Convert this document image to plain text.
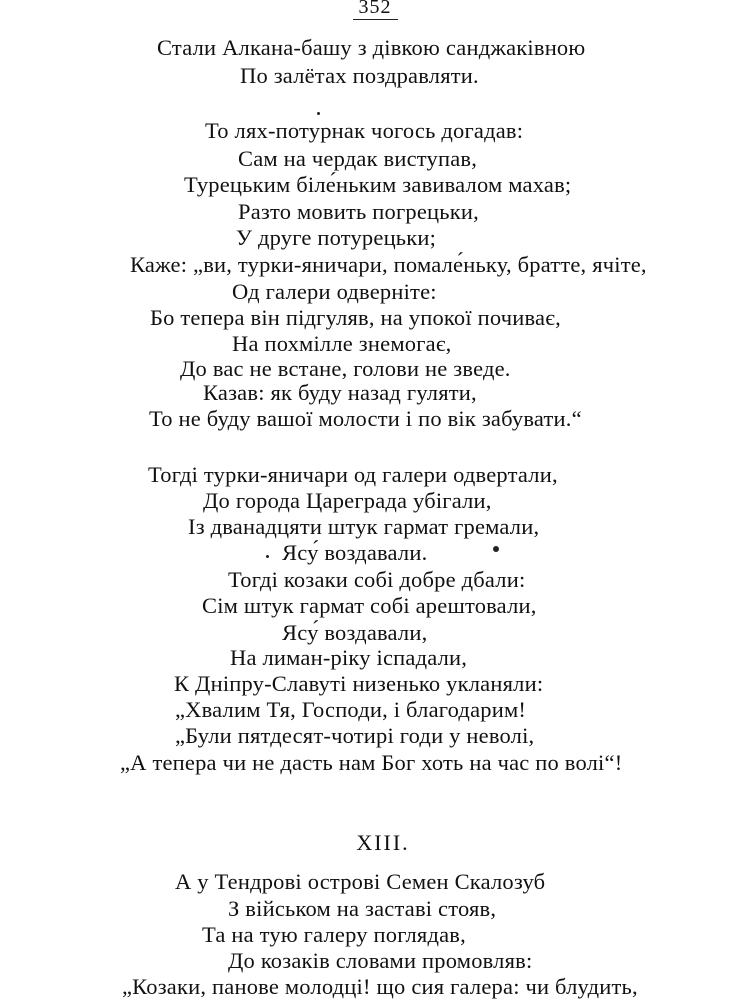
352
Стали Алкана-башу з дівкою санджаківною
По залётах поздравляти.
То лях-потурнак чогось догадав:
Сам на чердак виступав,
Турецьким біле́ньким завивалом махав;
Разто мовить погрецьки,
У друге потурецьки;
Каже: „ви, турки-яничари, помале́ньку, братте, ячіте,
Од галери одверніте:
Бо тепера він підгуляв, на упокої почиває,
На похмілле знемогає,
До вас не встане, голови не зведе.
Казав: як буду назад гуляти,
То не буду вашої молости і по вік забувати.“
Тогді турки-яничари од галери одвертали,
До города Цареграда убігали,
Із дванадцяти штук гармат гремали,
Ясу́ воздавали.
Тогді козаки собі добре дбали:
Сім штук гармат собі арештовали,
Ясу́ воздавали,
На лиман-ріку іспадали,
К Дніпру-Славуті низенько укланяли:
„Хвалим Тя, Господи, і благодарим!
„Були пятдесят-чотирі годи у неволі,
„А тепера чи не дасть нам Бог хоть на час по волі“!
XIII.
А у Тендрові острові Семен Скалозуб
З військом на заставі стояв,
Та на тую галеру поглядав,
До козаків словами промовляв:
„Козаки, панове молодці! що сия галера: чи блудить,
